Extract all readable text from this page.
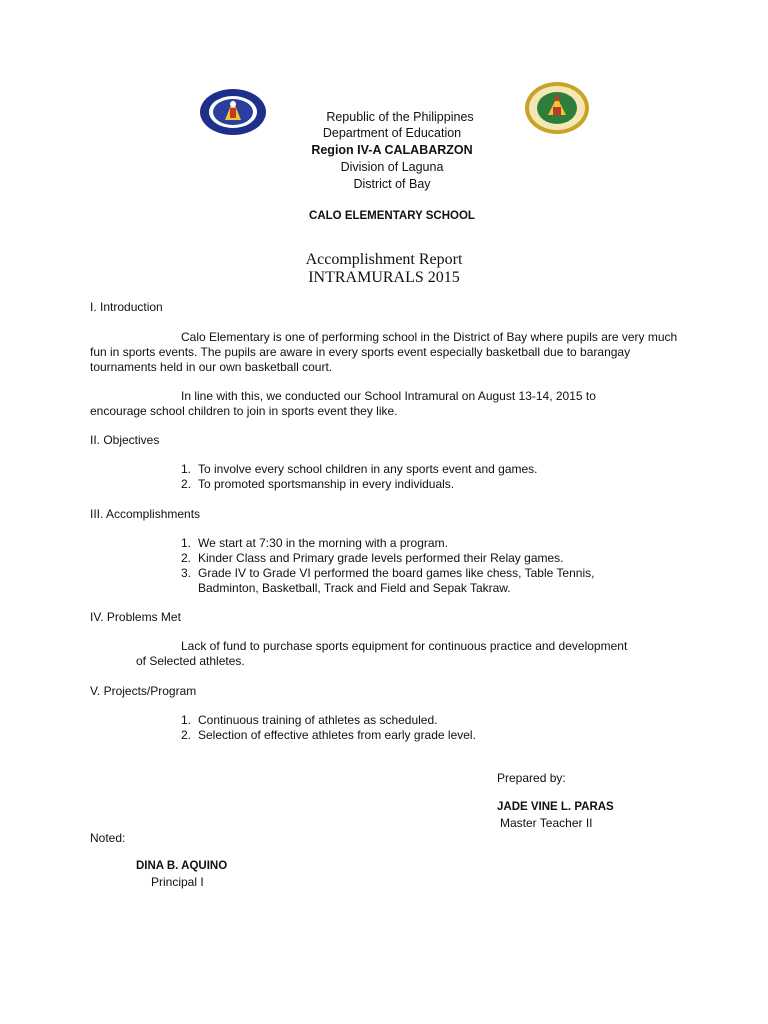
Republic of the Philippines

Department of Education

Region IV-A CALABARZON

Division of Laguna

District of Bay

CALO ELEMENTARY SCHOOL

Accomplishment Report

INTRAMURALS 2015

I. Introduction

Calo Elementary is one of performing school in the District of Bay where pupils are very much fun in sports events. The pupils are aware in every sports event especially basketball due to barangay tournaments held in our own basketball court.

In line with this, we conducted our School Intramural on August 13-14, 2015 to encourage school children to join in sports event they like.

II. Objectives

1. To involve every school children in any sports event and games.

2. To promoted sportsmanship in every individuals.

III. Accomplishments

1. We start at 7:30 in the morning with a program.

2. Kinder Class and Primary grade levels performed their Relay games.

3. Grade IV to Grade VI performed the board games like chess, Table Tennis,

Badminton, Basketball, Track and Field and Sepak Takraw.

IV. Problems Met

Lack of fund to purchase sports equipment for continuous practice and development

of Selected athletes.

V. Projects/Program

1. Continuous training of athletes as scheduled.

2. Selection of effective athletes from early grade level.

Prepared by:

JADE VINE L. PARAS

Master Teacher II

Noted:

DINA B. AQUINO

Principal I
